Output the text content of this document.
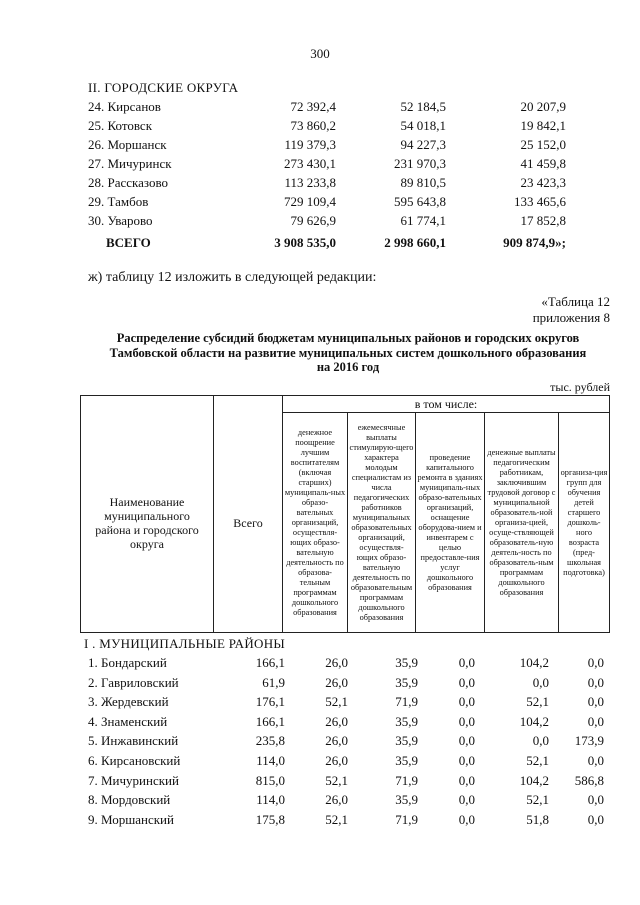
300
II. ГОРОДСКИЕ ОКРУГА
24. Кирсанов	72 392,4	52 184,5	20 207,9
25. Котовск	73 860,2	54 018,1	19 842,1
26. Моршанск	119 379,3	94 227,3	25 152,0
27. Мичуринск	273 430,1	231 970,3	41 459,8
28. Рассказово	113 233,8	89 810,5	23 423,3
29. Тамбов	729 109,4	595 643,8	133 465,6
30. Уварово	79 626,9	61 774,1	17 852,8
ВСЕГО	3 908 535,0	2 998 660,1	909 874,9»;
ж) таблицу 12 изложить в следующей редакции:
«Таблица 12
приложения 8
Распределение субсидий бюджетам муниципальных районов и городских округов
Тамбовской области на развитие муниципальных систем дошкольного образования
на 2016 год
тыс. рублей
Наименование муниципального района и городского округа
Всего
в том числе:
денежное поощрение лучшим воспитателям (включая старших) муниципаль-ных образо-вательных организаций, осуществля-ющих образо-вательную деятельность по образова-тельным программам дошкольного образования
ежемесячные выплаты стимулирую-щего характера молодым специалистам из числа педагогических работников муниципальных образовательных организаций, осуществля-ющих образо-вательную деятельность по образовательным программам дошкольного образования
проведение капитального ремонта в зданиях муниципаль-ных образо-вательных организаций, оснащение оборудова-нием и инвентарем с целью предоставле-ния услуг дошкольного образования
денежные выплаты педагогическим работникам, заключившим трудовой договор с муниципальной образователь-ной организа-цией, осуще-ствляющей образователь-ную деятель-ность по образователь-ным программам дошкольного образования
организа-ция групп для обучения детей старшего дошколь-ного возраста (пред-школьная подготовка)
I . МУНИЦИПАЛЬНЫЕ РАЙОНЫ
1. Бондарский	166,1	26,0	35,9	0,0	104,2	0,0
2. Гавриловский	61,9	26,0	35,9	0,0	0,0	0,0
3. Жердевский	176,1	52,1	71,9	0,0	52,1	0,0
4. Знаменский	166,1	26,0	35,9	0,0	104,2	0,0
5. Инжавинский	235,8	26,0	35,9	0,0	0,0 173,9
6. Кирсановский	114,0	26,0	35,9	0,0	52,1	0,0
7. Мичуринский	815,0	52,1	71,9	0,0	104,2 586,8
8. Мордовский	114,0	26,0	35,9	0,0	52,1	0,0
9. Моршанский	175,8	52,1	71,9	0,0	51,8	0,0
